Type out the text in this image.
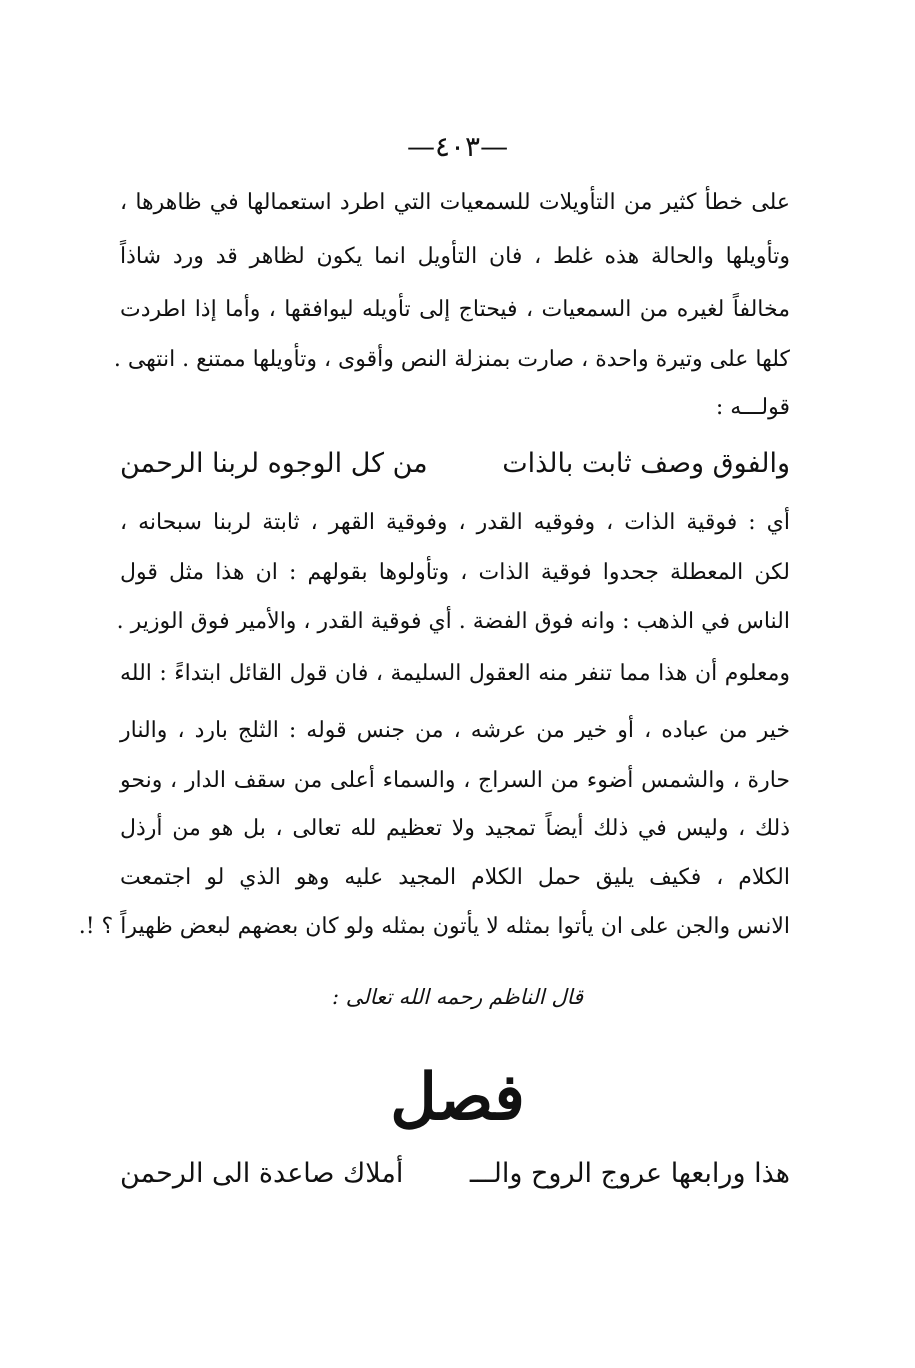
—٤٠٣—
على خطأ كثير من التأويلات للسمعيات التي اطرد استعمالها في ظاهرها ،
وتأويلها والحالة هذه غلط ، فان التأويل انما يكون لظاهر قد ورد شاذاً
مخالفاً لغيره من السمعيات ، فيحتاج إلى تأويله ليوافقها ، وأما إذا اطردت
كلها على وتيرة واحدة ، صارت بمنزلة النص وأقوى ، وتأويلها ممتنع . انتهى .
قولـــه :
والفوق وصف ثابت بالذات
من كل الوجوه لربنا الرحمن
أي : فوقية الذات ، وفوقيه القدر ، وفوقية القهر ، ثابتة لربنا سبحانه ،
لكن المعطلة جحدوا فوقية الذات ، وتأولوها بقولهم : ان هذا مثل قول
الناس في الذهب : وانه فوق الفضة . أي فوقية القدر ، والأمير فوق الوزير .
ومعلوم أن هذا مما تنفر منه العقول السليمة ، فان قول القائل ابتداءً : الله
خير من عباده ، أو خير من عرشه ، من جنس قوله : الثلج بارد ، والنار
حارة ، والشمس أضوء من السراج ، والسماء أعلى من سقف الدار ، ونحو
ذلك ، وليس في ذلك أيضاً تمجيد ولا تعظيم لله تعالى ، بل هو من أرذل
الكلام ، فكيف يليق حمل الكلام المجيد عليه وهو الذي لو اجتمعت
الانس والجن على ان يأتوا بمثله لا يأتون بمثله ولو كان بعضهم لبعض ظهيراً ؟ !.
قال الناظم رحمه الله تعالى :
فصل
هذا ورابعها عروج الروح والـــ
أملاك صاعدة الى الرحمن
